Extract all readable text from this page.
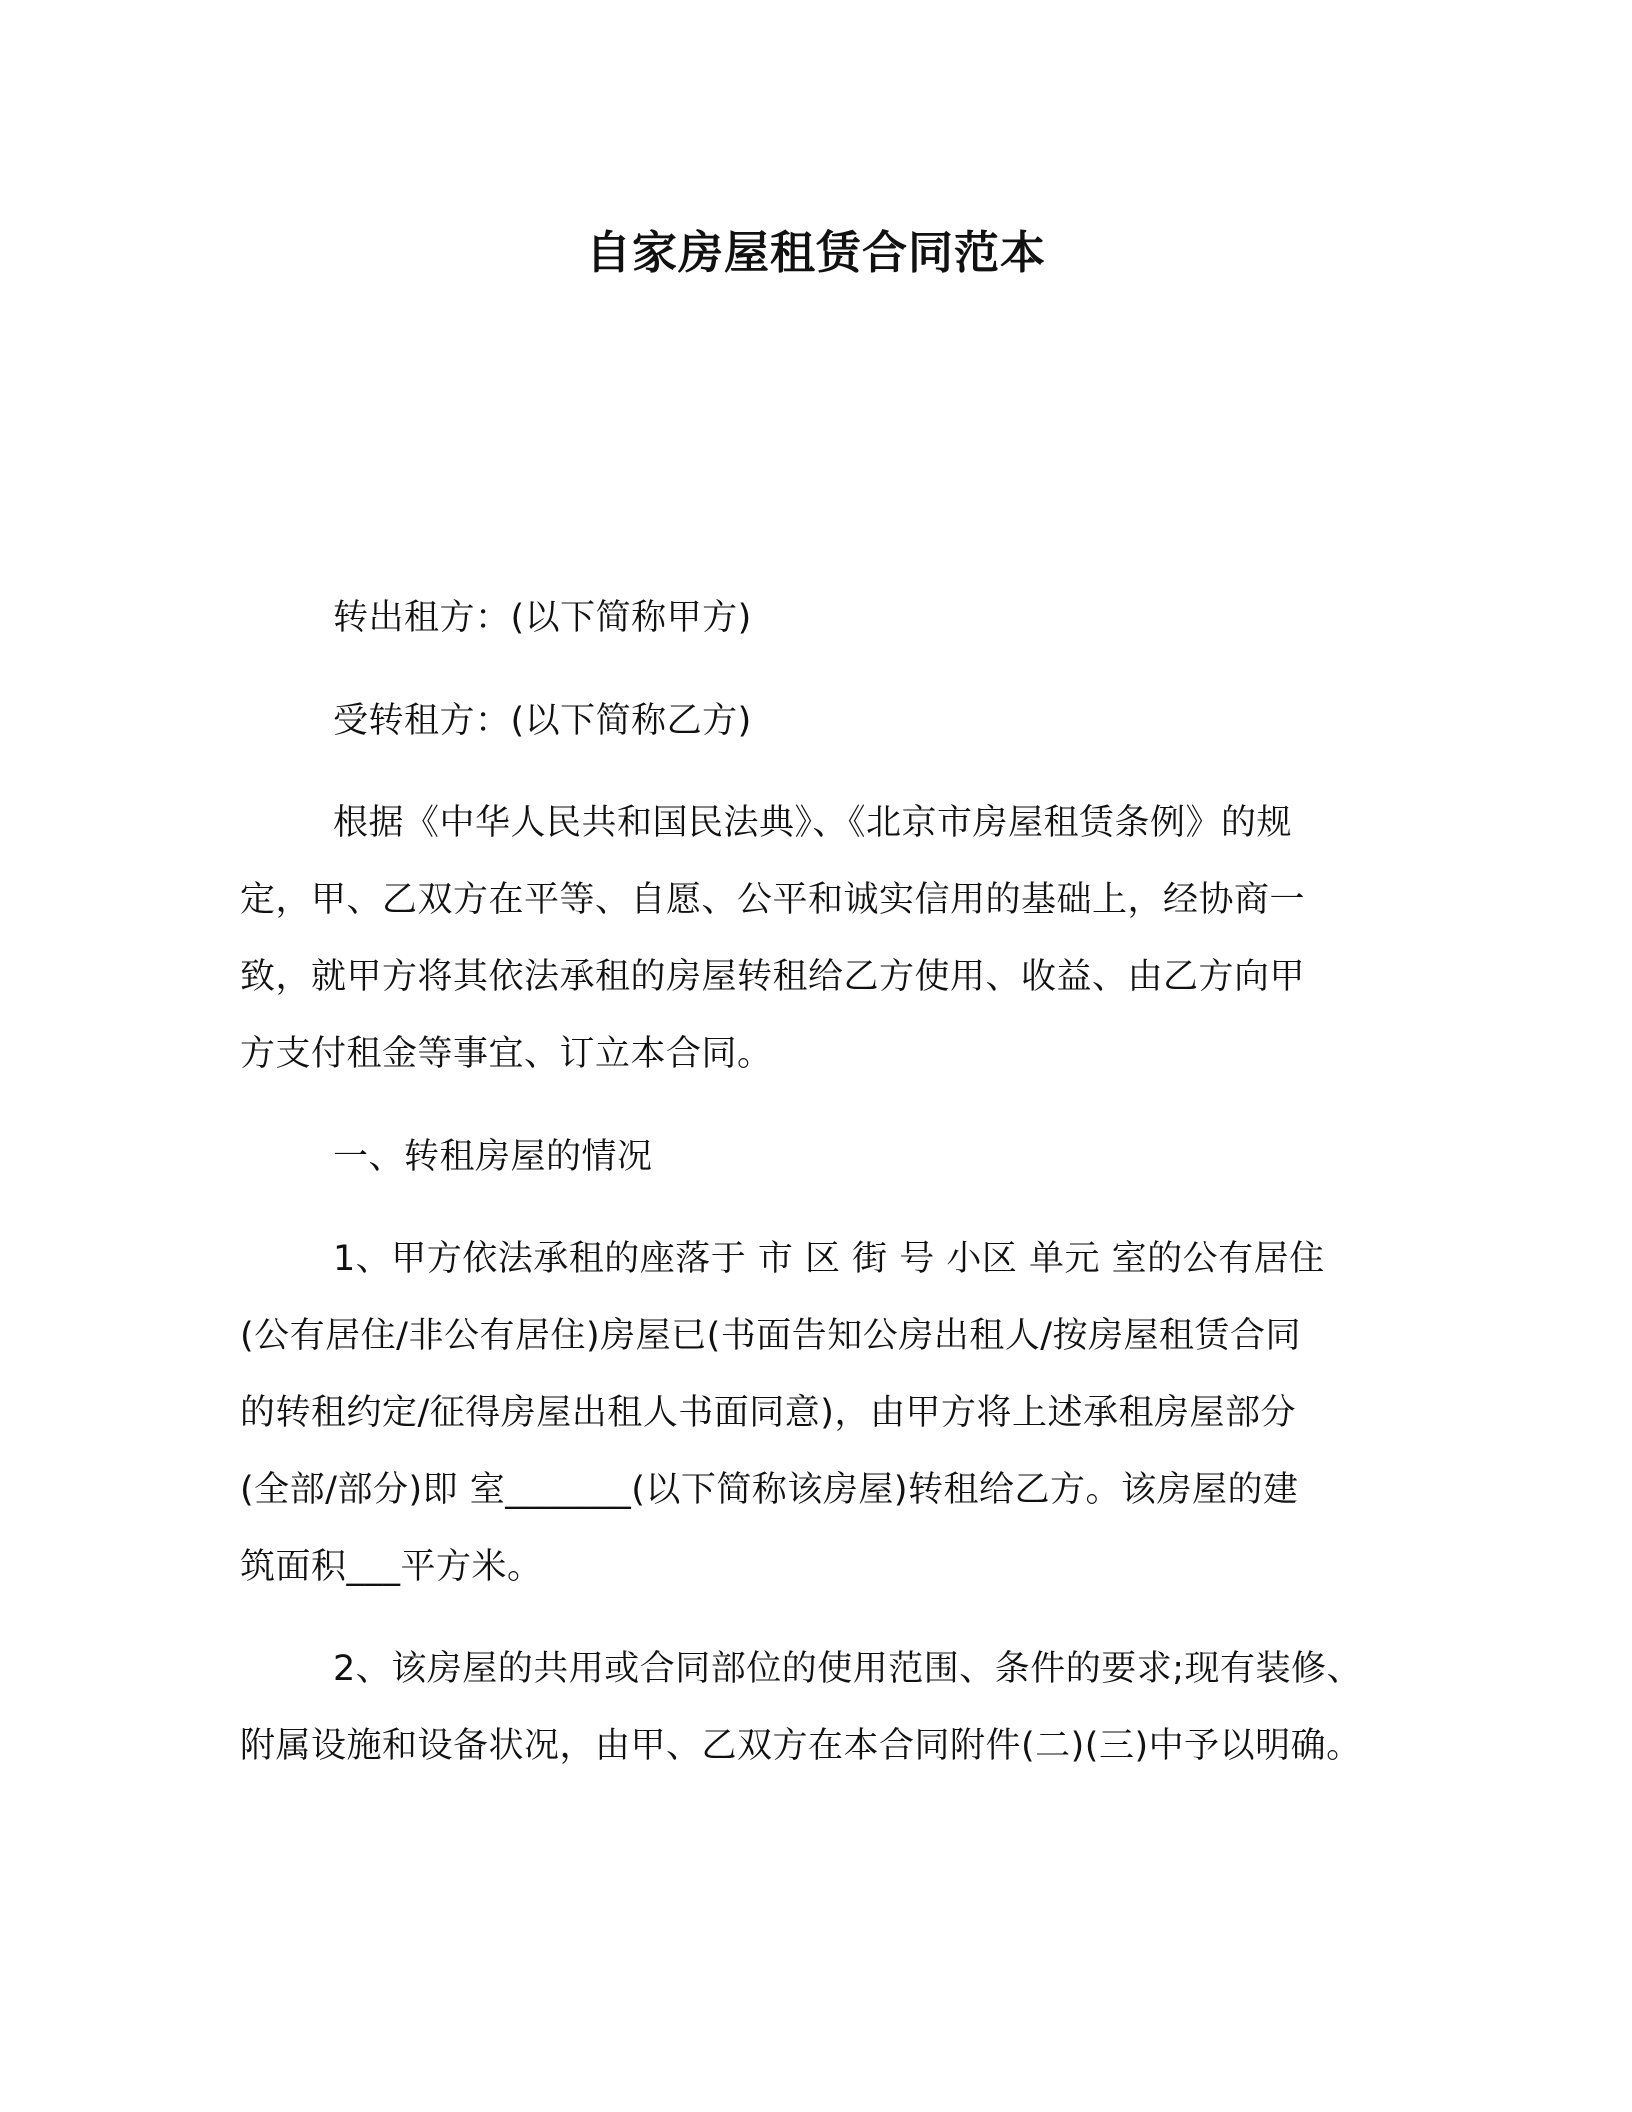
自家房屋租赁合同范本
转出租方：(以下简称甲方)
受转租方：(以下简称乙方)
根据《中华人民共和国民法典》、《北京市房屋租赁条例》的规
定，甲、乙双方在平等、自愿、公平和诚实信用的基础上，经协商一
致，就甲方将其依法承租的房屋转租给乙方使用、收益、由乙方向甲
方支付租金等事宜、订立本合同。
一、转租房屋的情况
1、甲方依法承租的座落于 市 区 街 号 小区 单元 室的公有居住
(公有居住/非公有居住)房屋已(书面告知公房出租人/按房屋租赁合同
的转租约定/征得房屋出租人书面同意)，由甲方将上述承租房屋部分
(全部/部分)即 室_______(以下简称该房屋)转租给乙方。该房屋的建
筑面积___平方米。
2、该房屋的共用或合同部位的使用范围、条件的要求;现有装修、
附属设施和设备状况，由甲、乙双方在本合同附件(二)(三)中予以明确。
